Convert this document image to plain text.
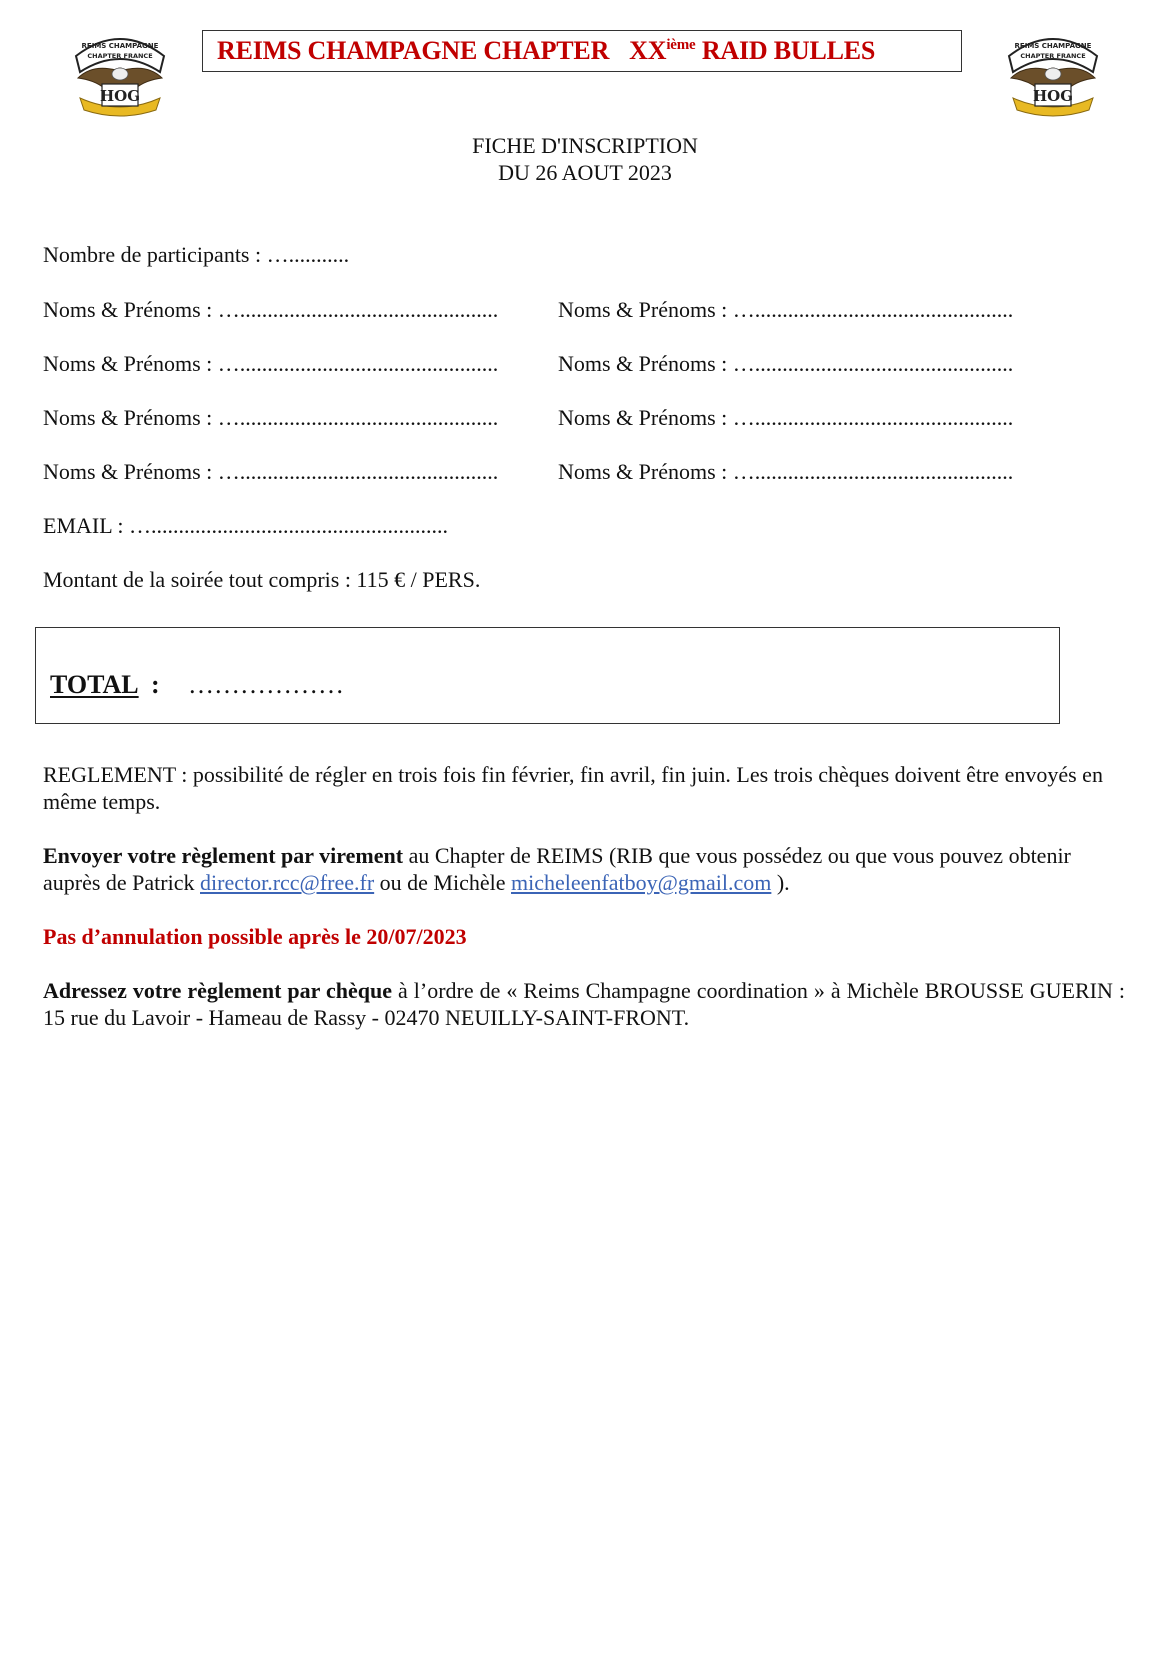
REIMS CHAMPAGNE
CHAPTER FRANCE
HOG
REIMS CHAMPAGNE CHAPTER XXième RAID BULLES	REIMS CHAMPAGNE
CHAPTER FRANCE
HOG
FICHE D'INSCRIPTION
DU 26 AOUT 2023
Nombre de participants : …...........
Noms & Prénoms : …...............................................	Noms & Prénoms : …...............................................
Noms & Prénoms : …...............................................	Noms & Prénoms : …...............................................
Noms & Prénoms : …...............................................	Noms & Prénoms : …...............................................
Noms & Prénoms : …...............................................	Noms & Prénoms : …...............................................
EMAIL : …......................................................
Montant de la soirée tout compris : 115 € / PERS.
TOTAL : ………………
REGLEMENT : possibilité de régler en trois fois fin février, fin avril, fin juin. Les trois chèques doivent être envoyés en même temps.
Envoyer votre règlement par virement au Chapter de REIMS (RIB que vous possédez ou que vous pouvez obtenir auprès de Patrick director.rcc@free.fr ou de Michèle micheleenfatboy@gmail.com ).
Pas d’annulation possible après le 20/07/2023
Adressez votre règlement par chèque à l’ordre de « Reims Champagne coordination » à Michèle BROUSSE GUERIN : 15 rue du Lavoir - Hameau de Rassy - 02470 NEUILLY-SAINT-FRONT.
